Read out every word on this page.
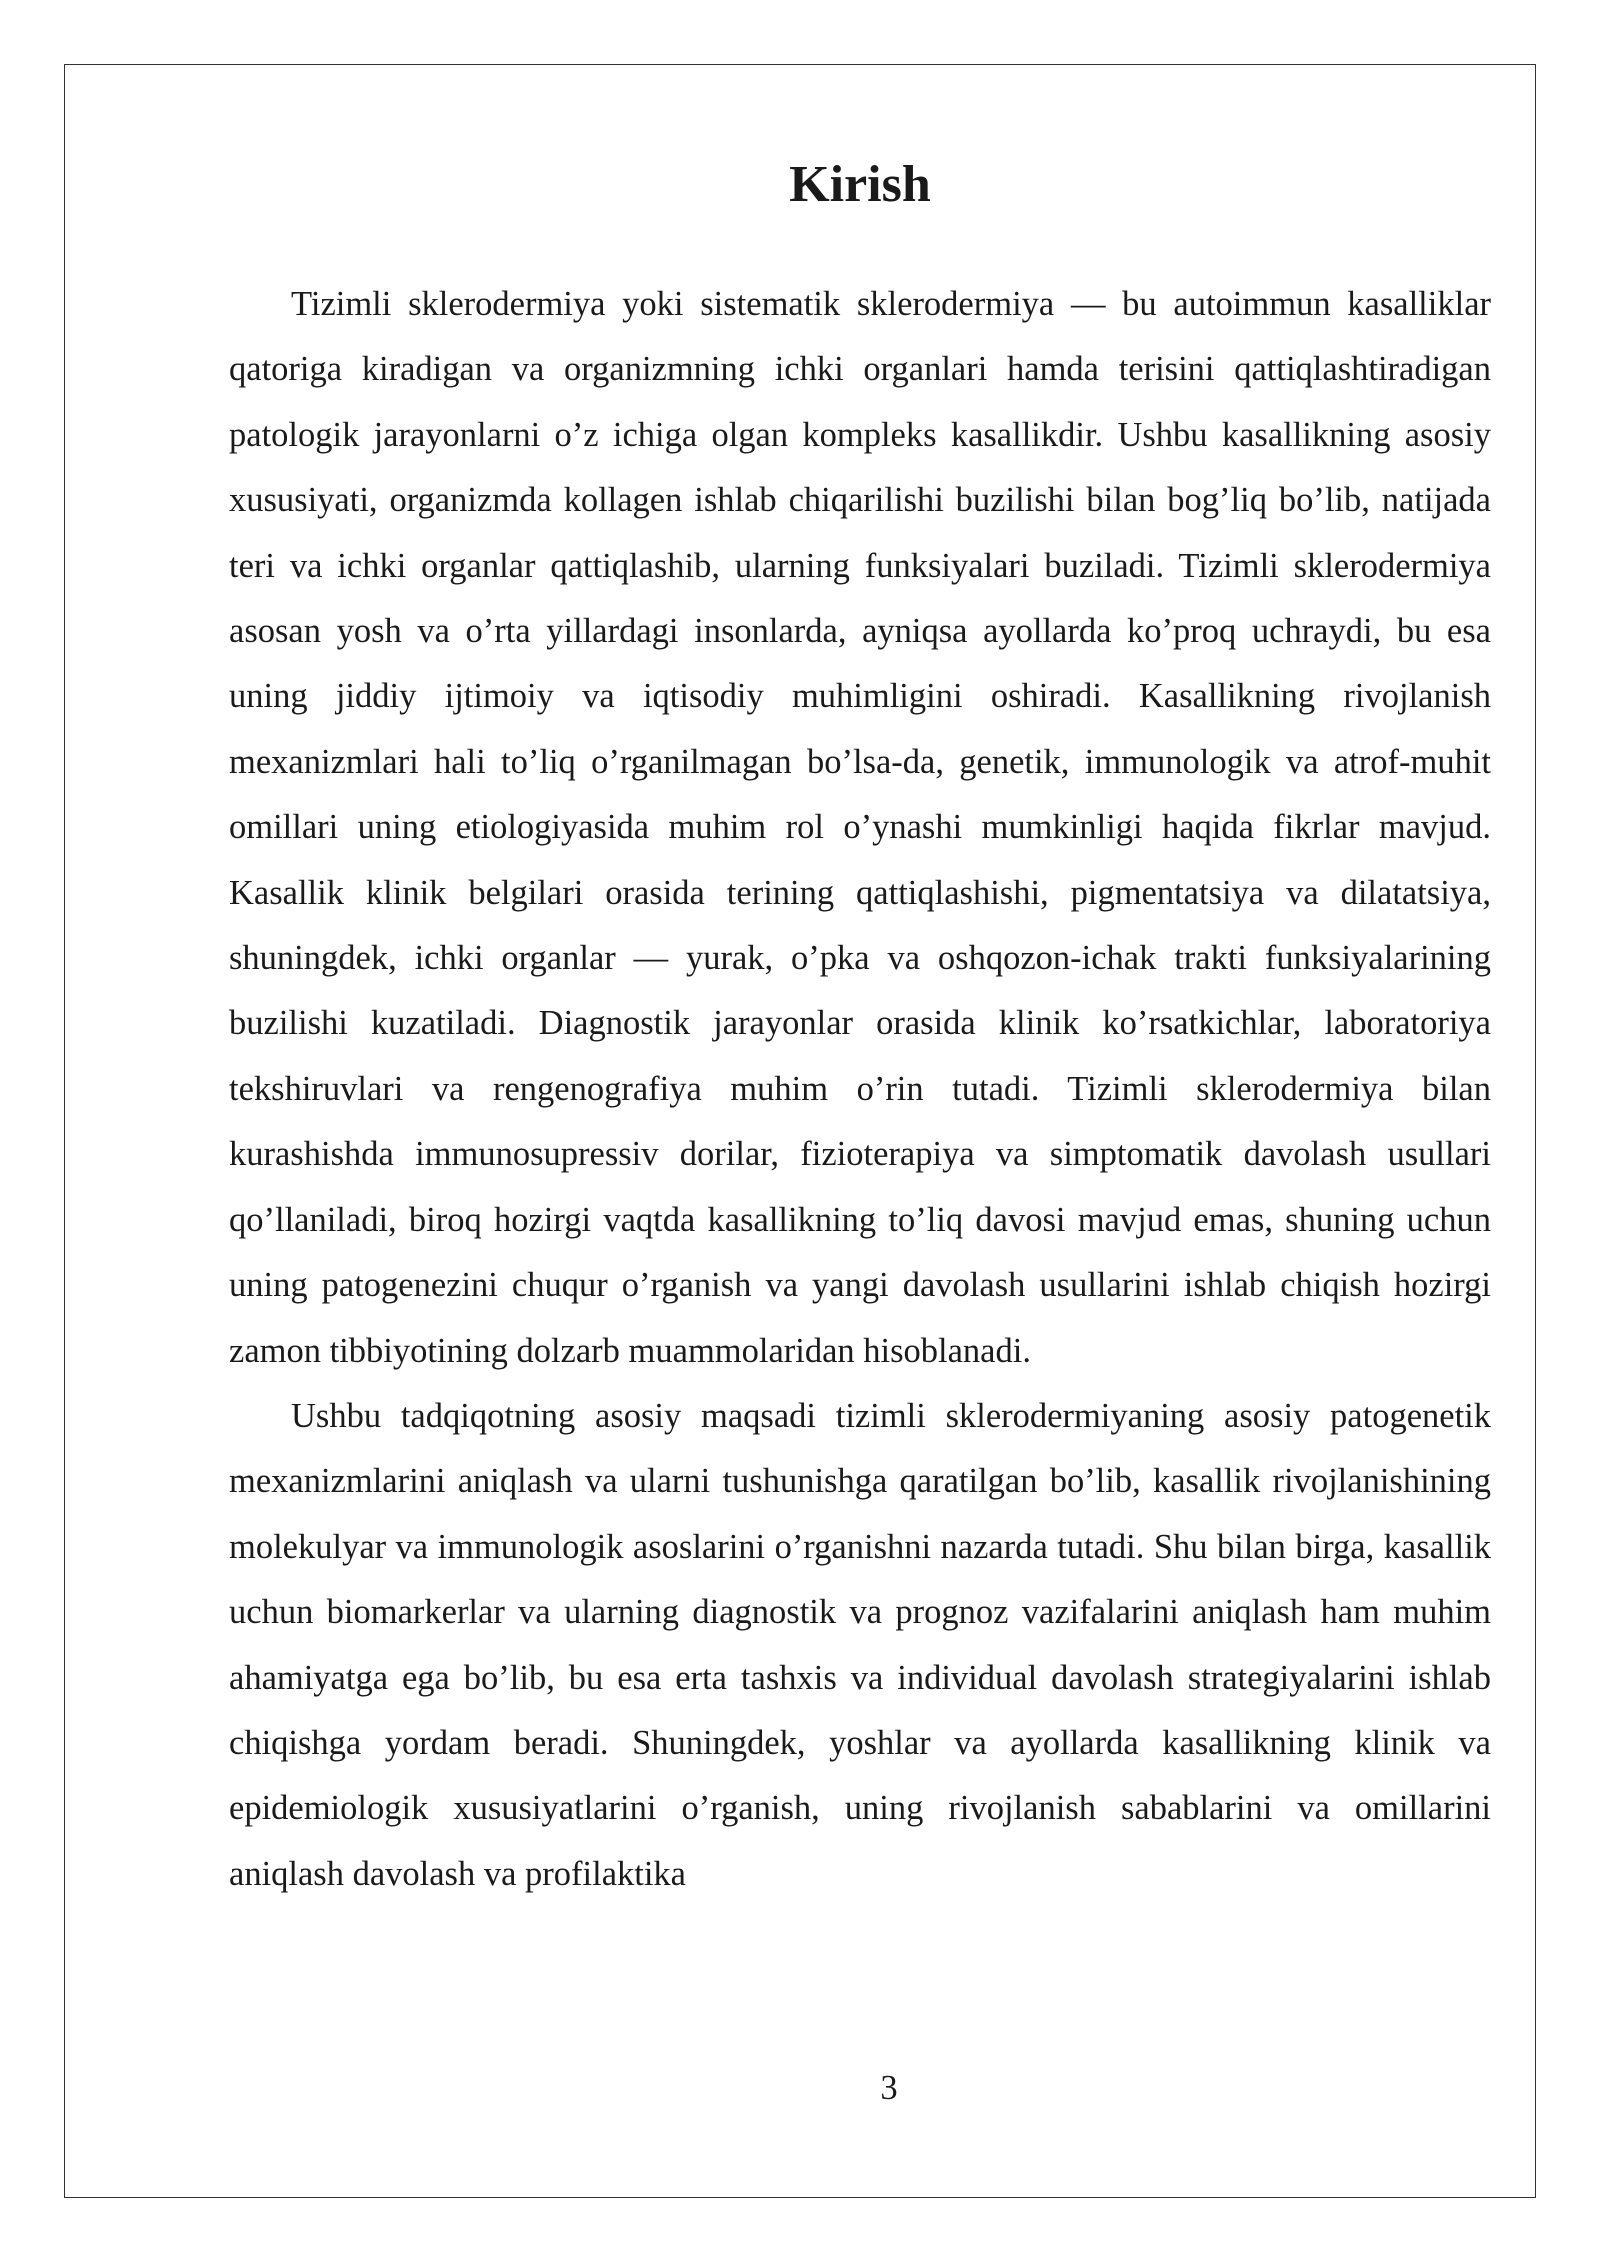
Kirish

Tizimli sklerodermiya yoki sistematik sklerodermiya — bu autoimmun kasalliklar qatoriga kiradigan va organizmning ichki organlari hamda terisini qattiqlashtiradigan patologik jarayonlarni o’z ichiga olgan kompleks kasallikdir. Ushbu kasallikning asosiy xususiyati, organizmda kollagen ishlab chiqarilishi buzilishi bilan bog’liq bo’lib, natijada teri va ichki organlar qattiqlashib, ularning funksiyalari buziladi. Tizimli sklerodermiya asosan yosh va o’rta yillardagi insonlarda, ayniqsa ayollarda ko’proq uchraydi, bu esa uning jiddiy ijtimoiy va iqtisodiy muhimligini oshiradi. Kasallikning rivojlanish mexanizmlari hali to’liq o’rganilmagan bo’lsa-da, genetik, immunologik va atrof-muhit omillari uning etiologiyasida muhim rol o’ynashi mumkinligi haqida fikrlar mavjud. Kasallik klinik belgilari orasida terining qattiqlashishi, pigmentatsiya va dilatatsiya, shuningdek, ichki organlar — yurak, o’pka va oshqozon-ichak trakti funksiyalarining buzilishi kuzatiladi. Diagnostik jarayonlar orasida klinik ko’rsatkichlar, laboratoriya tekshiruvlari va rengenografiya muhim o’rin tutadi. Tizimli sklerodermiya bilan kurashishda immunosupressiv dorilar, fizioterapiya va simptomatik davolash usullari qo’llaniladi, biroq hozirgi vaqtda kasallikning to’liq davosi mavjud emas, shuning uchun uning patogenezini chuqur o’rganish va yangi davolash usullarini ishlab chiqish hozirgi zamon tibbiyotining dolzarb muammolaridan hisoblanadi.

Ushbu tadqiqotning asosiy maqsadi tizimli sklerodermiyaning asosiy patogenetik mexanizmlarini aniqlash va ularni tushunishga qaratilgan bo’lib, kasallik rivojlanishining molekulyar va immunologik asoslarini o’rganishni nazarda tutadi. Shu bilan birga, kasallik uchun biomarkerlar va ularning diagnostik va prognoz vazifalarini aniqlash ham muhim ahamiyatga ega bo’lib, bu esa erta tashxis va individual davolash strategiyalarini ishlab chiqishga yordam beradi. Shuningdek, yoshlar va ayollarda kasallikning klinik va epidemiologik xususiyatlarini o’rganish, uning rivojlanish sabablarini va omillarini aniqlash davolash va profilaktika

3
